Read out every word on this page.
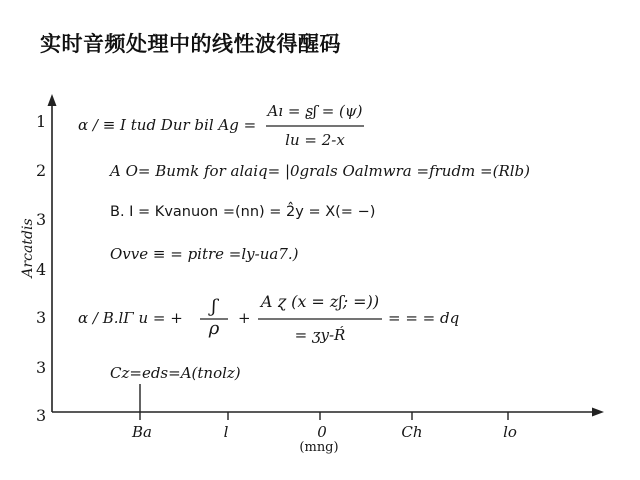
实时音频处理中的线性波得醒码
1
2
3
4
3
3
3
Arcatdis
Ba	l	0	Ch	lo
(mng)
ɑ / ≡ I tud Dur bil Ag =
Aı = ʂʃ = (ψ)
lu = 2-x
A O= Bumk for alaiq= |0grals Oalmwra =frudm =(Rlb)
B. I = Kvanuon =(nn) = 2̂y = X(= −)
Ovve ≡ = pitre =ly-ua7.)
ɑ / B.lΓ u = +
ʃ
ρ	+
A ɀ (x = zʃ; =))
= ʒy-Ŕ
= = = dq
Cz=eds=A(tnolz)
